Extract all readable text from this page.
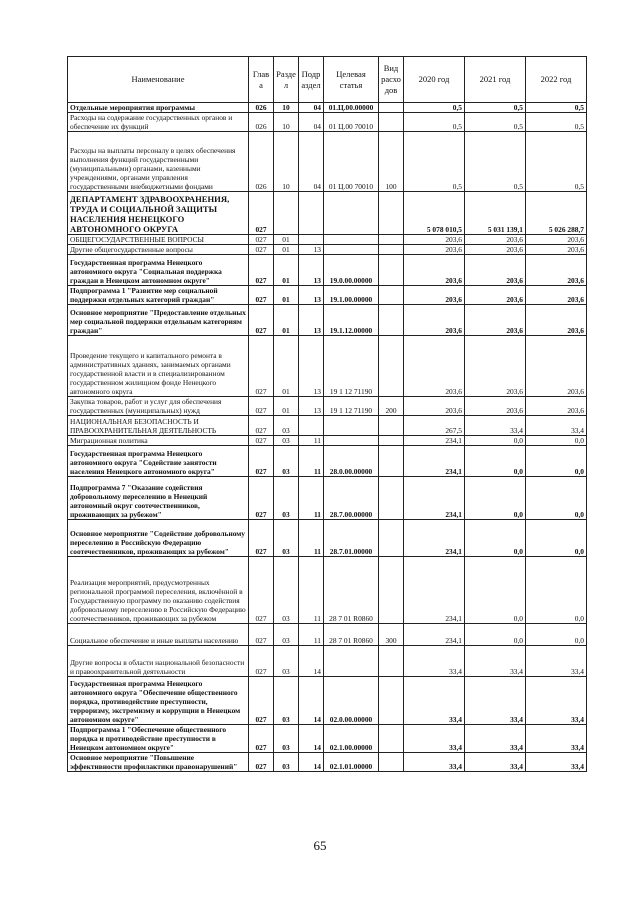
Наименование	Глав а	Разде л	Подр аздел	Целевая статья	Вид расхо дов	2020 год	2021 год	2022 год
Отдельные мероприятия программы	026	10	04	01.Ц.00.00000		0,5	0,5	0,5
Расходы на содержание государственных органов и обеспечение их функций	026	10	04	01 Ц.00 70010		0,5	0,5	0,5
Расходы на выплаты персоналу в целях обеспечения выполнения функций государственными (муниципальными) органами, казенными учреждениями, органами управления государственными внебюджетными фондами	026	10	04	01 Ц.00 70010	100	0,5	0,5	0,5
ДЕПАРТАМЕНТ ЗДРАВООХРАНЕНИЯ, ТРУДА И СОЦИАЛЬНОЙ ЗАЩИТЫ НАСЕЛЕНИЯ НЕНЕЦКОГО АВТОНОМНОГО ОКРУГА	027					5 078 010,5	5 031 139,1	5 026 288,7
ОБЩЕГОСУДАРСТВЕННЫЕ ВОПРОСЫ	027	01				203,6	203,6	203,6
Другие общегосударственные вопросы	027	01	13			203,6	203,6	203,6
Государственная программа Ненецкого автономного округа "Социальная поддержка граждан в Ненецком автономном округе"	027	01	13	19.0.00.00000		203,6	203,6	203,6
Подпрограмма 1 "Развитие мер социальной поддержки отдельных категорий граждан"	027	01	13	19.1.00.00000		203,6	203,6	203,6
Основное мероприятие "Предоставление отдельных мер социальной поддержки отдельным категориям граждан"	027	01	13	19.1.12.00000		203,6	203,6	203,6
Проведение текущего и капитального ремонта в административных зданиях, занимаемых органами государственной власти и в специализированном государственном жилищном фонде Ненецкого автономного округа	027	01	13	19 1 12 71190		203,6	203,6	203,6
Закупка товаров, работ и услуг для обеспечения государственных (муниципальных) нужд	027	01	13	19 1 12 71190	200	203,6	203,6	203,6
НАЦИОНАЛЬНАЯ БЕЗОПАСНОСТЬ И ПРАВООХРАНИТЕЛЬНАЯ ДЕЯТЕЛЬНОСТЬ	027	03				267,5	33,4	33,4
Миграционная политика	027	03	11			234,1	0,0	0,0
Государственная программа Ненецкого автономного округа "Содействие занятости населения Ненецкого автономного округа"	027	03	11	28.0.00.00000		234,1	0,0	0,0
Подпрограмма 7 "Оказание содействия добровольному переселению в Ненецкий автономный округ соотечественников, проживающих за рубежом"	027	03	11	28.7.00.00000		234,1	0,0	0,0
Основное мероприятие "Содействие добровольному переселению в Российскую Федерацию соотечественников, проживающих за рубежом"	027	03	11	28.7.01.00000		234,1	0,0	0,0
Реализация мероприятий, предусмотренных региональной программой переселения, включённой в Государственную программу по оказанию содействия добровольному переселению в Российскую Федерацию соотечественников, проживающих за рубежом	027	03	11	28 7 01 R0860		234,1	0,0	0,0
Социальное обеспечение и иные выплаты населению	027	03	11	28 7 01 R0860	300	234,1	0,0	0,0
Другие вопросы в области национальной безопасности и правоохранительной деятельности	027	03	14			33,4	33,4	33,4
Государственная программа Ненецкого автономного округа "Обеспечение общественного порядка, противодействие преступности, терроризму, экстремизму и коррупции в Ненецком автономном округе"	027	03	14	02.0.00.00000		33,4	33,4	33,4
Подпрограмма 1 "Обеспечение общественного порядка и противодействие преступности в Ненецком автономном округе"	027	03	14	02.1.00.00000		33,4	33,4	33,4
Основное мероприятие "Повышение эффективности профилактики правонарушений"	027	03	14	02.1.01.00000		33,4	33,4	33,4
65
